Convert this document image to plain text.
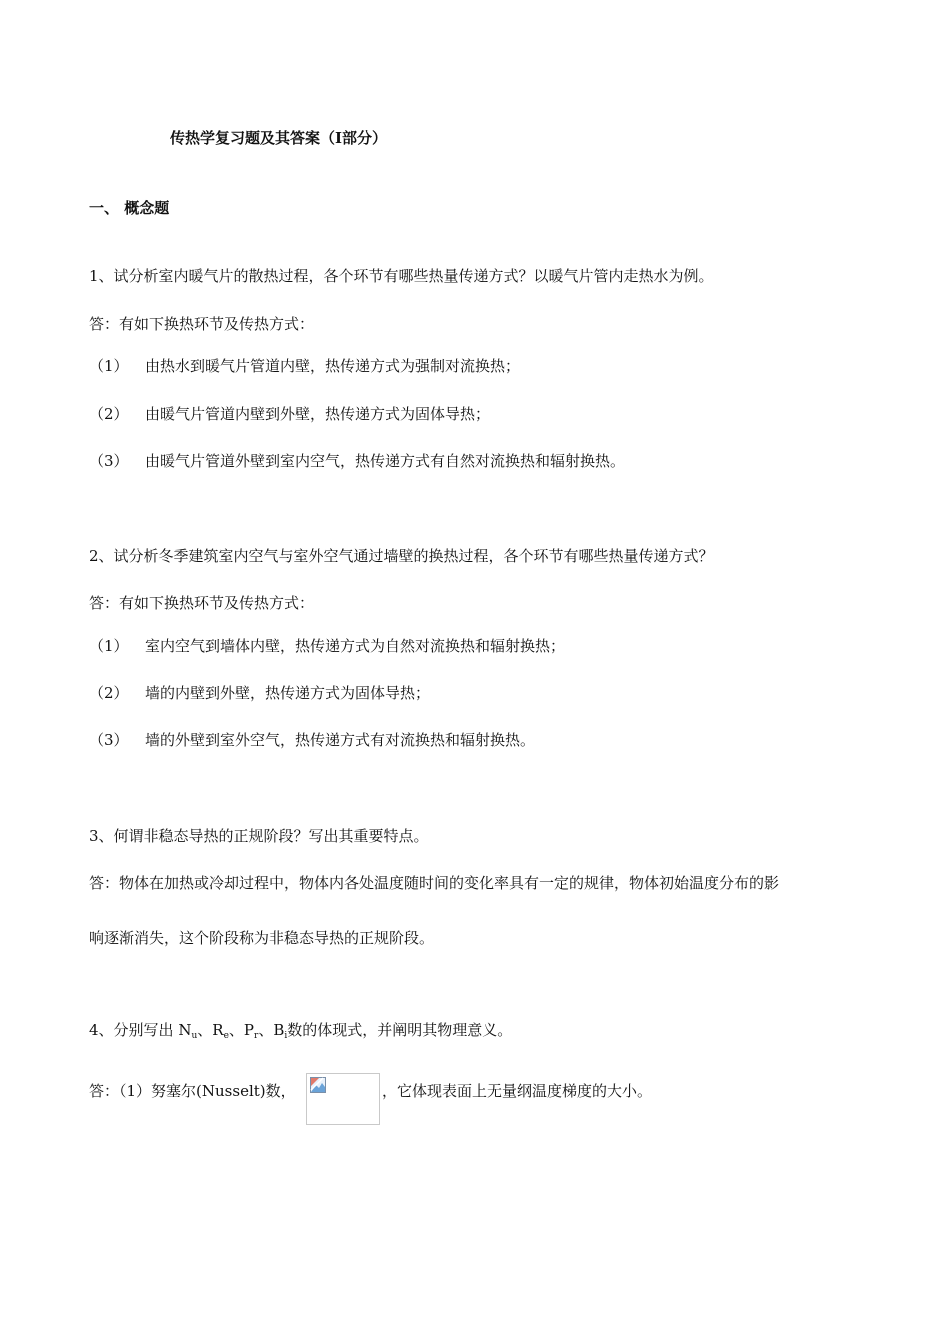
传热学复习题及其答案（Ⅰ部分）
一、 概念题
1、试分析室内暖气片的散热过程，各个环节有哪些热量传递方式？以暖气片管内走热水为例。
答：有如下换热环节及传热方式：
（1） 由热水到暖气片管道内壁，热传递方式为强制对流换热；
（2） 由暖气片管道内壁到外壁，热传递方式为固体导热；
（3） 由暖气片管道外壁到室内空气，热传递方式有自然对流换热和辐射换热。
2、试分析冬季建筑室内空气与室外空气通过墙壁的换热过程，各个环节有哪些热量传递方式？
答：有如下换热环节及传热方式：
（1） 室内空气到墙体内壁，热传递方式为自然对流换热和辐射换热；
（2） 墙的内壁到外壁，热传递方式为固体导热；
（3） 墙的外壁到室外空气，热传递方式有对流换热和辐射换热。
3、何谓非稳态导热的正规阶段？写出其重要特点。
答：物体在加热或冷却过程中，物体内各处温度随时间的变化率具有一定的规律，物体初始温度分布的影
响逐渐消失，这个阶段称为非稳态导热的正规阶段。
4、分别写出 $N_u$、$R_e$、$P_r$、$B_i$数的体现式，并阐明其物理意义。
答：（1）努塞尔(Nusselt)数，	，它体现表面上无量纲温度梯度的大小。
